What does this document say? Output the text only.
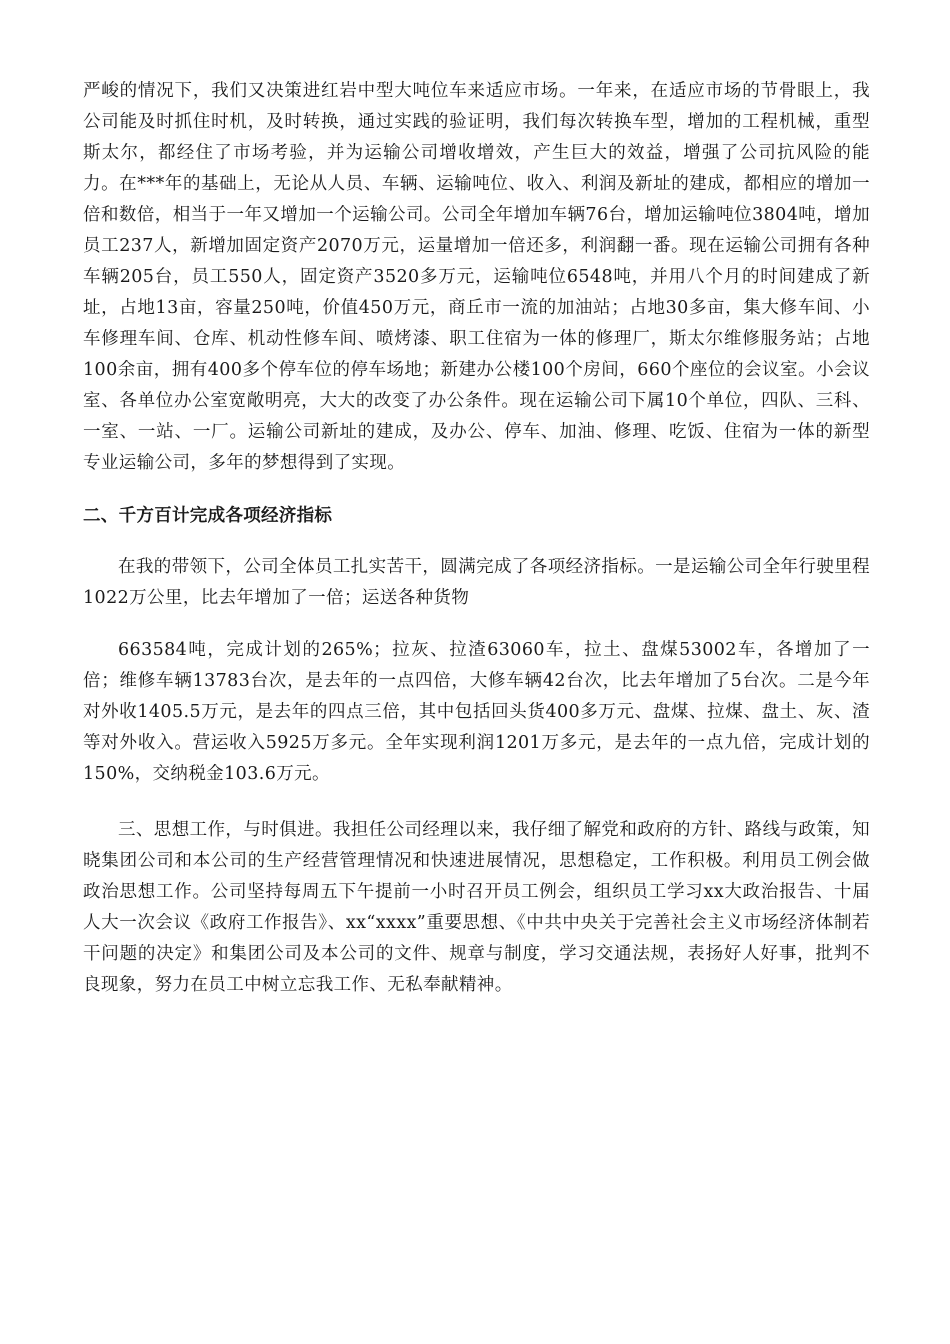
严峻的情况下，我们又决策进红岩中型大吨位车来适应市场。一年来，在适应市场的节骨眼上，我公司能及时抓住时机，及时转换，通过实践的验证明，我们每次转换车型，增加的工程机械，重型斯太尔，都经住了市场考验，并为运输公司增收增效，产生巨大的效益，增强了公司抗风险的能力。在***年的基础上，无论从人员、车辆、运输吨位、收入、利润及新址的建成，都相应的增加一倍和数倍，相当于一年又增加一个运输公司。公司全年增加车辆76台，增加运输吨位3804吨，增加员工237人，新增加固定资产2070万元，运量增加一倍还多，利润翻一番。现在运输公司拥有各种车辆205台，员工550人，固定资产3520多万元，运输吨位6548吨，并用八个月的时间建成了新址，占地13亩，容量250吨，价值450万元，商丘市一流的加油站；占地30多亩，集大修车间、小车修理车间、仓库、机动性修车间、喷烤漆、职工住宿为一体的修理厂，斯太尔维修服务站；占地100余亩，拥有400多个停车位的停车场地；新建办公楼100个房间，660个座位的会议室。小会议室、各单位办公室宽敞明亮，大大的改变了办公条件。现在运输公司下属10个单位，四队、三科、一室、一站、一厂。运输公司新址的建成，及办公、停车、加油、修理、吃饭、住宿为一体的新型专业运输公司，多年的梦想得到了实现。

二、千方百计完成各项经济指标

在我的带领下，公司全体员工扎实苦干，圆满完成了各项经济指标。一是运输公司全年行驶里程1022万公里，比去年增加了一倍；运送各种货物

663584吨，完成计划的265%；拉灰、拉渣63060车，拉土、盘煤53002车，各增加了一倍；维修车辆13783台次，是去年的一点四倍，大修车辆42台次，比去年增加了5台次。二是今年对外收1405.5万元，是去年的四点三倍，其中包括回头货400多万元、盘煤、拉煤、盘土、灰、渣等对外收入。营运收入5925万多元。全年实现利润1201万多元，是去年的一点九倍，完成计划的150%，交纳税金103.6万元。

三、思想工作，与时俱进。我担任公司经理以来，我仔细了解党和政府的方针、路线与政策，知晓集团公司和本公司的生产经营管理情况和快速进展情况，思想稳定，工作积极。利用员工例会做政治思想工作。公司坚持每周五下午提前一小时召开员工例会，组织员工学习xx大政治报告、十届人大一次会议《政府工作报告》、xx“xxxx”重要思想、《中共中央关于完善社会主义市场经济体制若干问题的决定》和集团公司及本公司的文件、规章与制度，学习交通法规，表扬好人好事，批判不良现象，努力在员工中树立忘我工作、无私奉献精神。
